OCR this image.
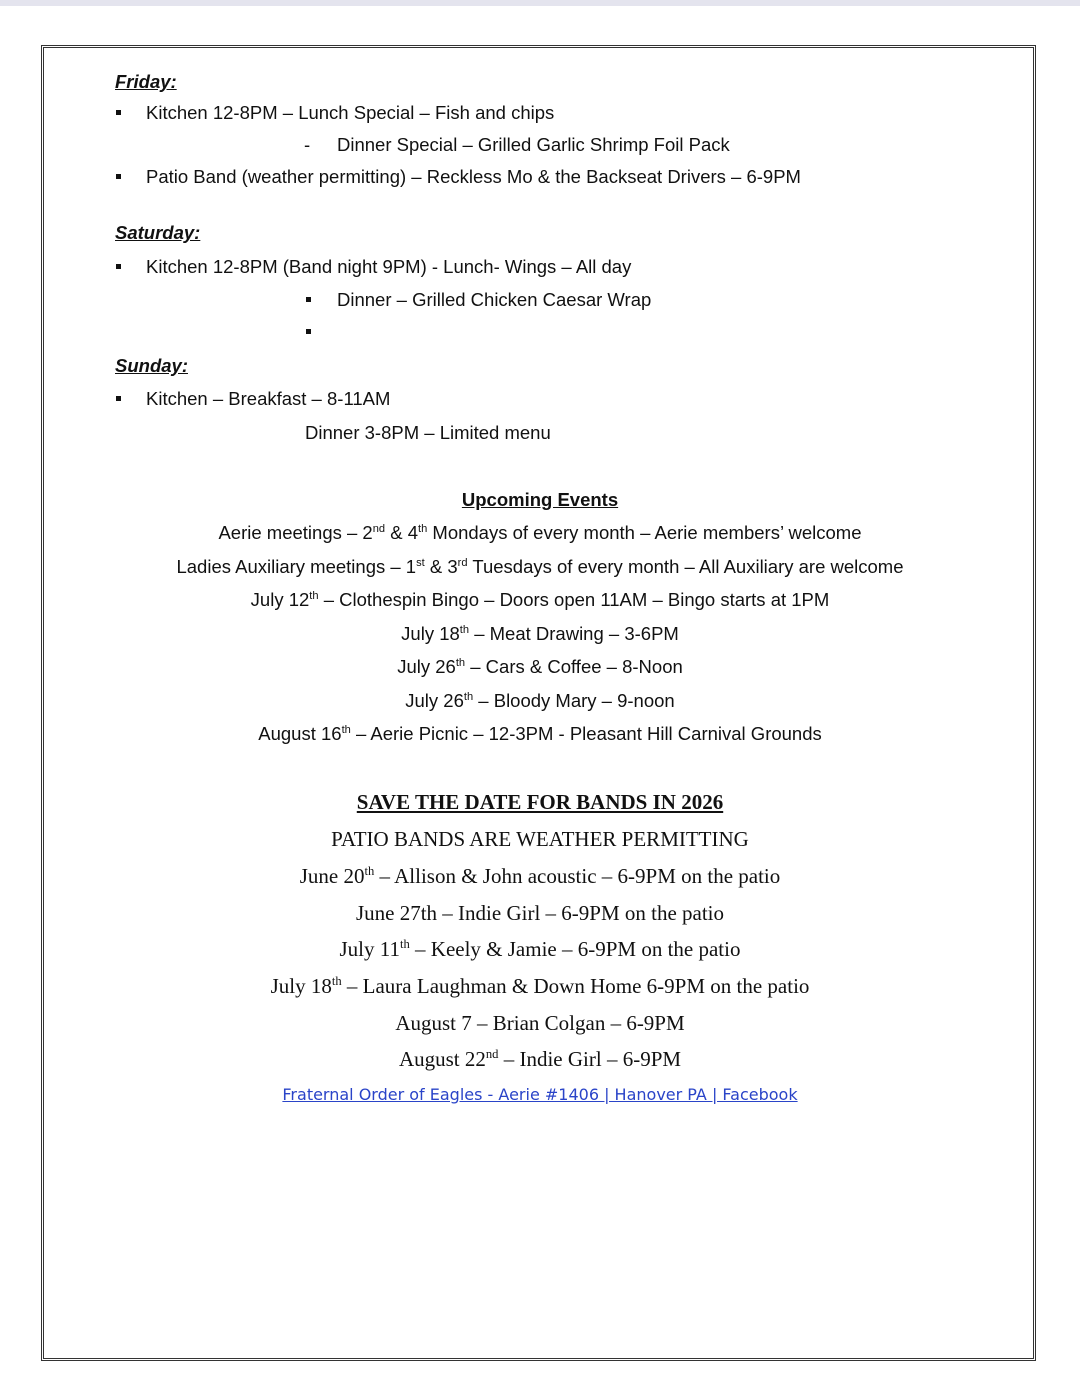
Friday:
Kitchen 12-8PM – Lunch Special – Fish and chips
- Dinner Special – Grilled Garlic Shrimp Foil Pack
Patio Band (weather permitting) – Reckless Mo & the Backseat Drivers – 6-9PM
Saturday:
Kitchen 12-8PM (Band night 9PM) - Lunch- Wings – All day
Dinner – Grilled Chicken Caesar Wrap
Sunday:
Kitchen – Breakfast – 8-11AM
Dinner 3-8PM – Limited menu
Upcoming Events
Aerie meetings – 2nd & 4th Mondays of every month – Aerie members’ welcome
Ladies Auxiliary meetings – 1st & 3rd Tuesdays of every month – All Auxiliary are welcome
July 12th – Clothespin Bingo – Doors open 11AM – Bingo starts at 1PM
July 18th – Meat Drawing – 3-6PM
July 26th – Cars & Coffee – 8-Noon
July 26th – Bloody Mary – 9-noon
August 16th – Aerie Picnic – 12-3PM - Pleasant Hill Carnival Grounds
SAVE THE DATE FOR BANDS IN 2026
PATIO BANDS ARE WEATHER PERMITTING
June 20th – Allison & John acoustic – 6-9PM on the patio
June 27th – Indie Girl – 6-9PM on the patio
July 11th – Keely & Jamie – 6-9PM on the patio
July 18th – Laura Laughman & Down Home 6-9PM on the patio
August 7 – Brian Colgan – 6-9PM
August 22nd – Indie Girl – 6-9PM
Fraternal Order of Eagles - Aerie #1406 | Hanover PA | Facebook
